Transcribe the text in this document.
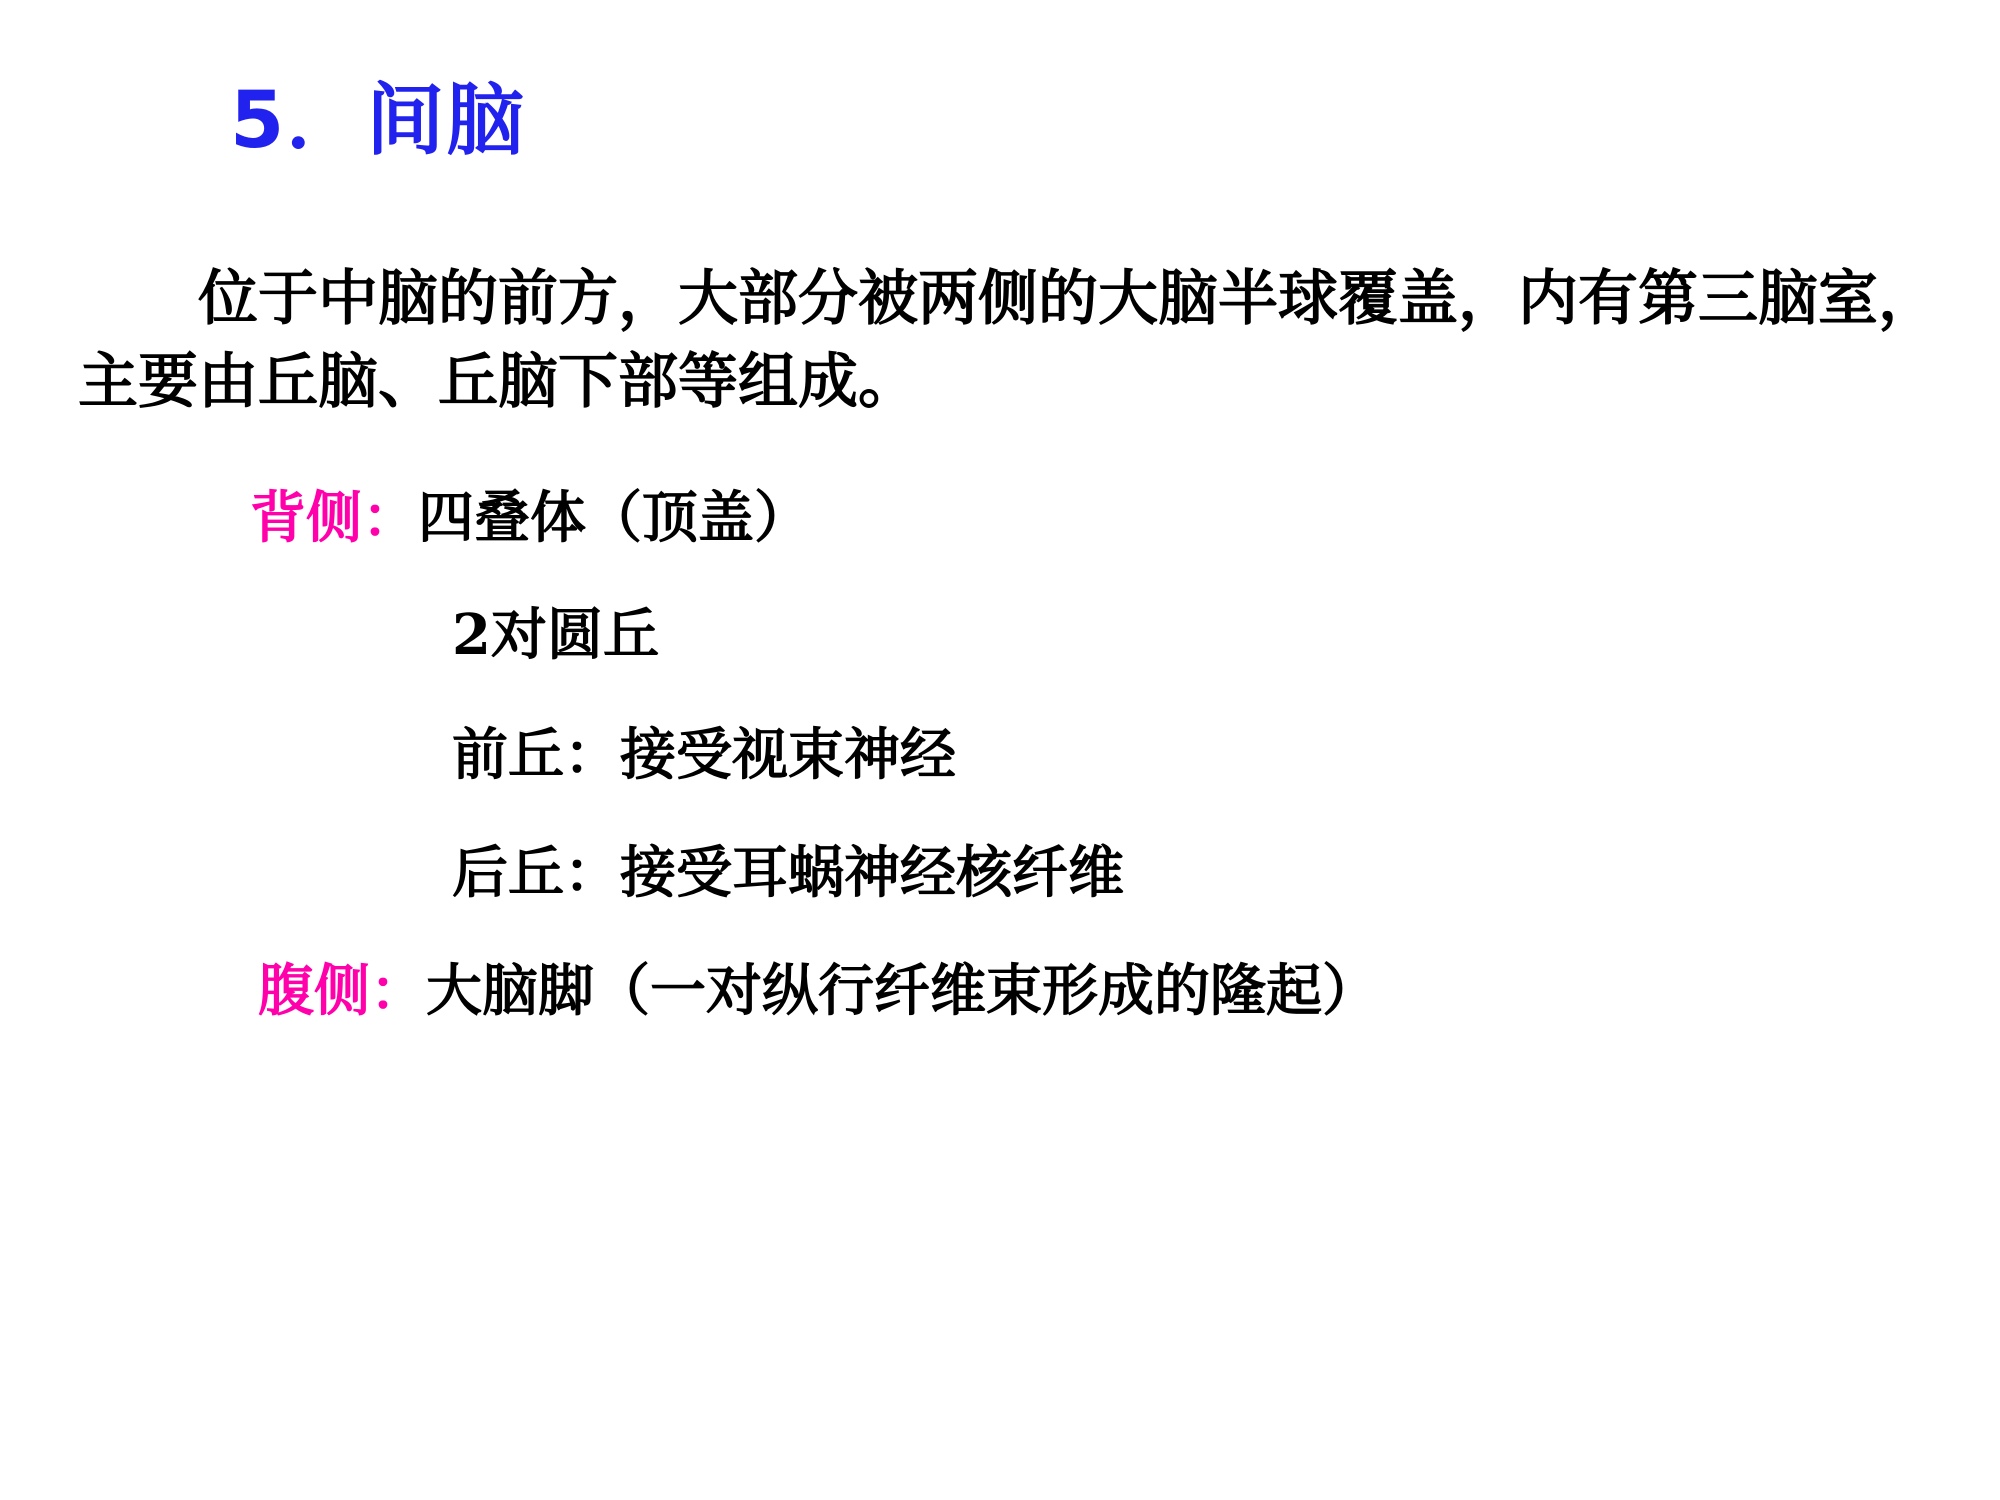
5．间脑
位于中脑的前方，大部分被两侧的大脑半球覆盖，内有第三脑室，主要由丘脑、丘脑下部等组成。
背侧：四叠体（顶盖）
2对圆丘
前丘：接受视束神经
后丘：接受耳蜗神经核纤维
腹侧：大脑脚（一对纵行纤维束形成的隆起）
